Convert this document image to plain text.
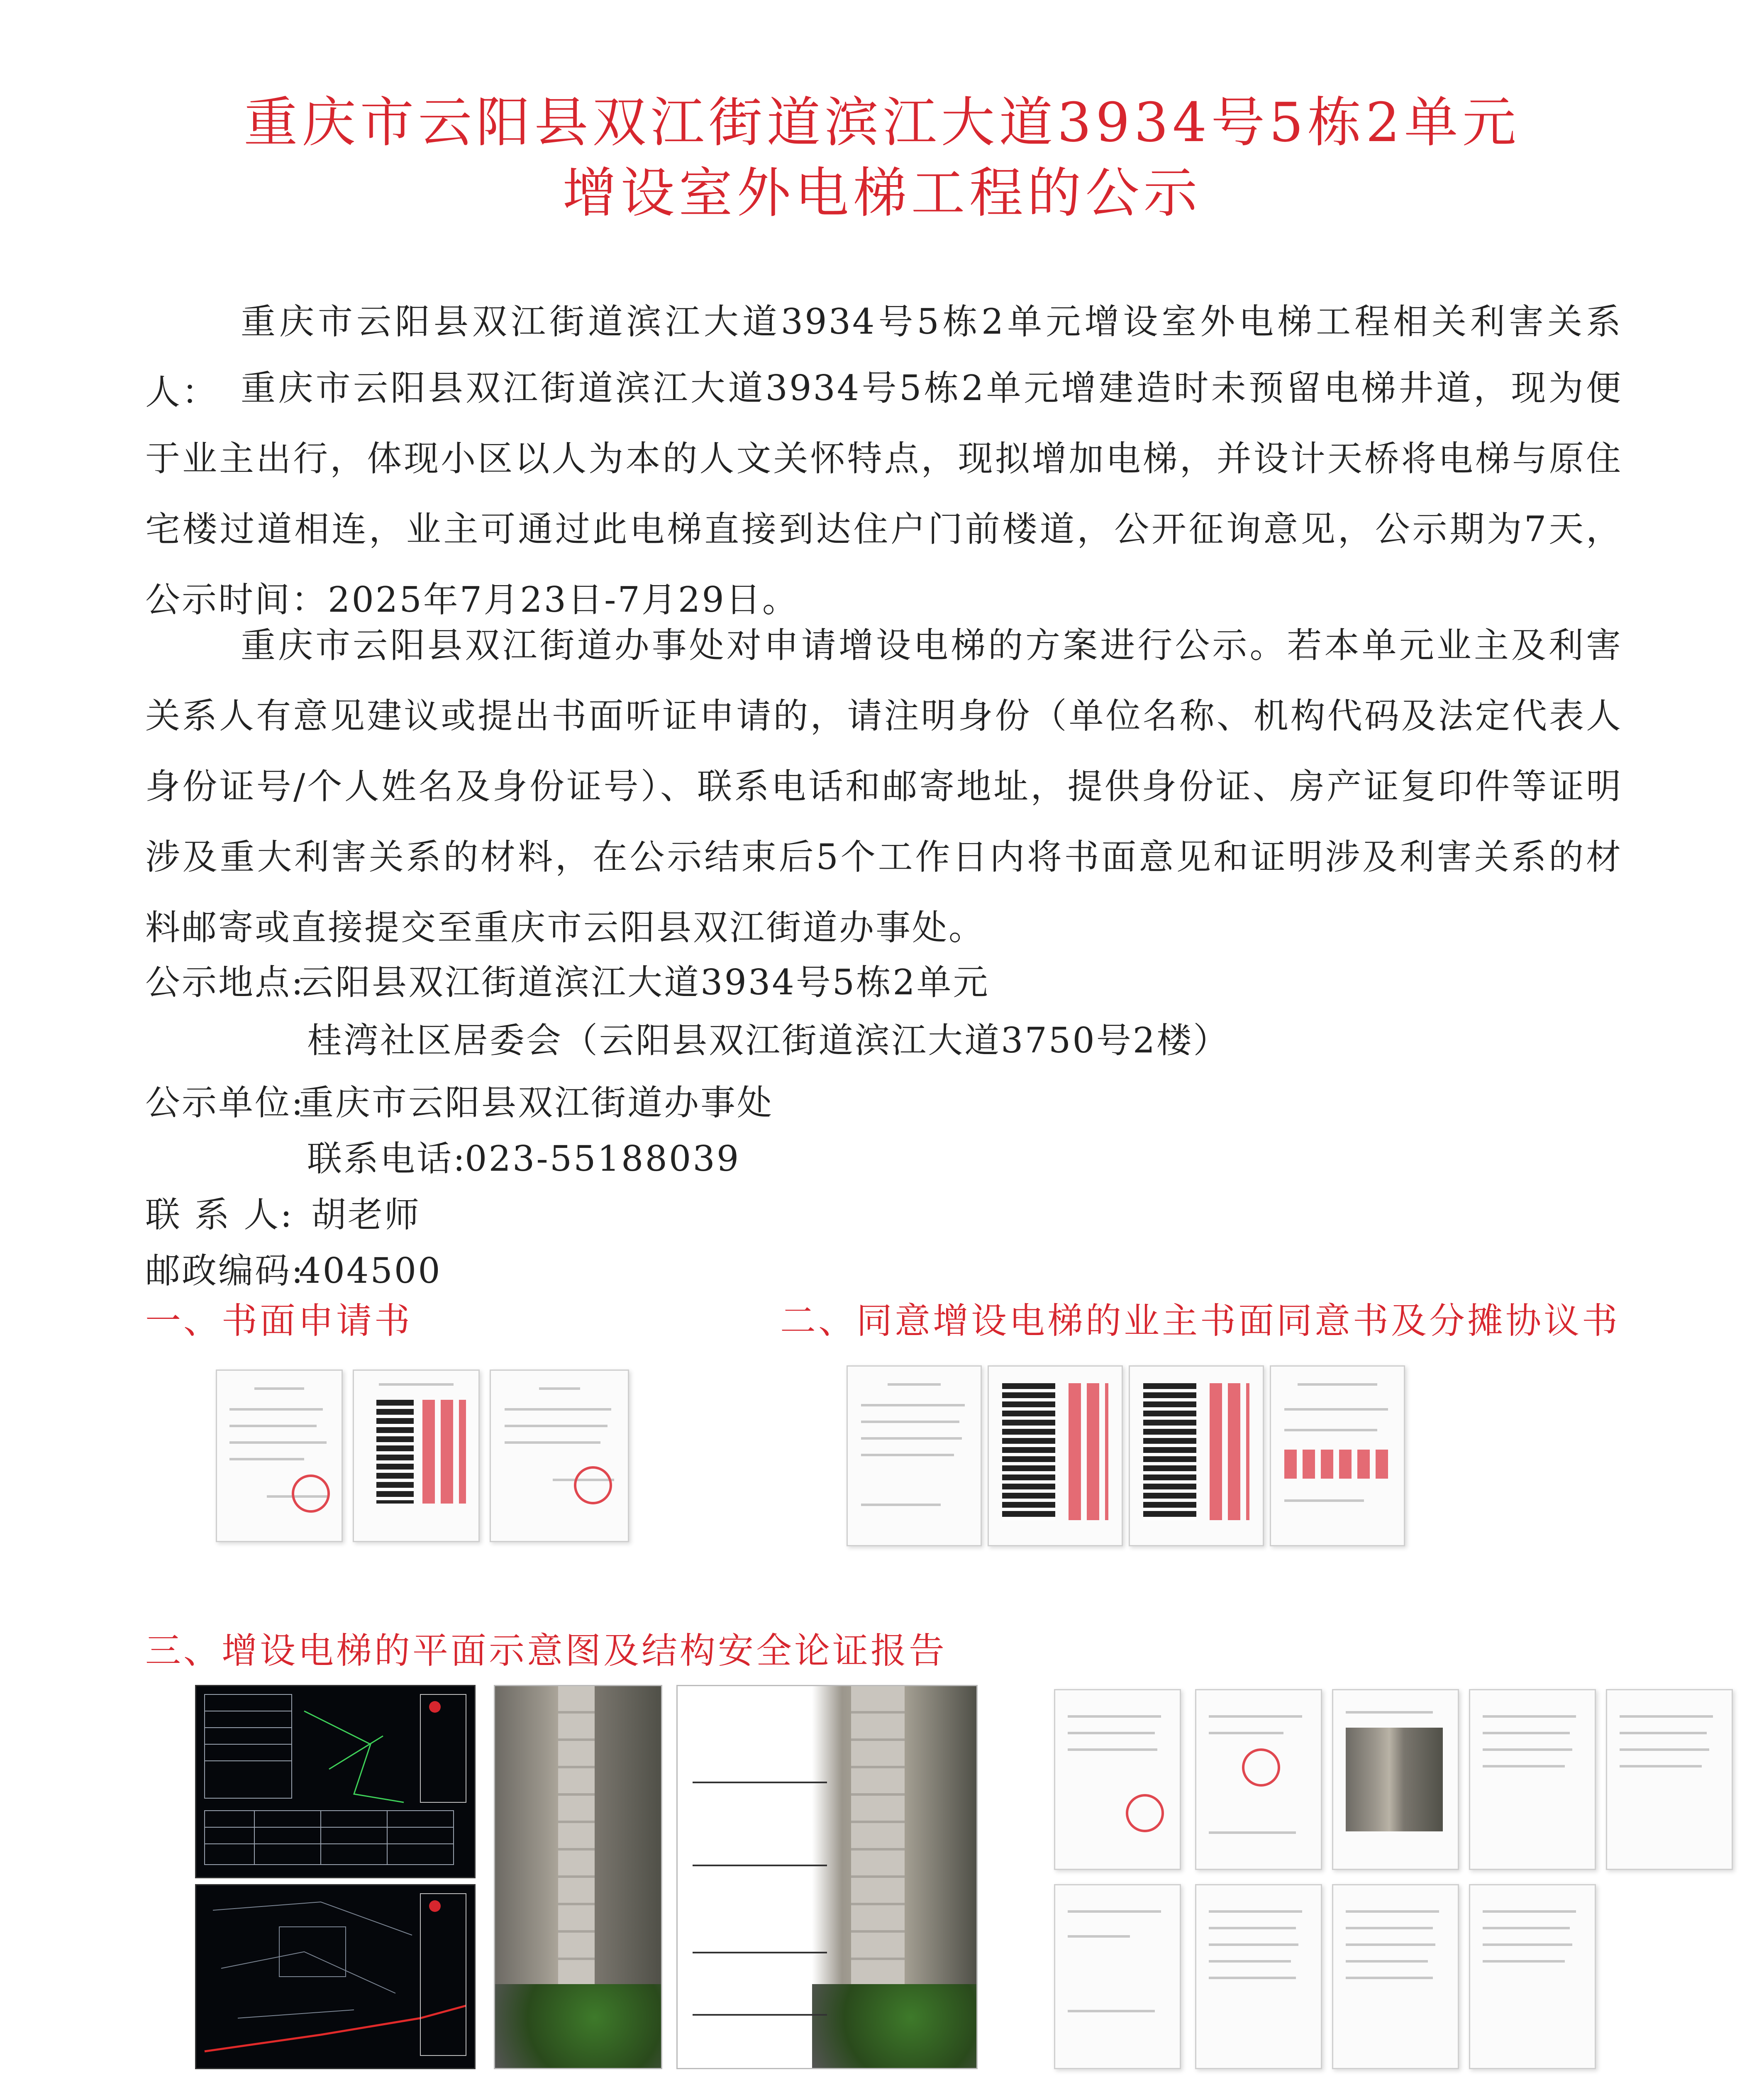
重庆市云阳县双江街道滨江大道3934号5栋2单元
增设室外电梯工程的公示

重庆市云阳县双江街道滨江大道3934号5栋2单元增设室外电梯工程相关利害关系人： 重庆市云阳县双江街道滨江大道3934号5栋2单元增建造时未预留电梯井道，现为便于业主出行，体现小区以人为本的人文关怀特点，现拟增加电梯，并设计天桥将电梯与原住宅楼过道相连，业主可通过此电梯直接到达住户门前楼道，公开征询意见，公示期为7天，公示时间：2025年7月23日-7月29日。

重庆市云阳县双江街道办事处对申请增设电梯的方案进行公示。若本单元业主及利害关系人有意见建议或提出书面听证申请的，请注明身份（单位名称、机构代码及法定代表人身份证号/个人姓名及身份证号）、联系电话和邮寄地址，提供身份证、房产证复印件等证明涉及重大利害关系的材料，在公示结束后5个工作日内将书面意见和证明涉及利害关系的材料邮寄或直接提交至重庆市云阳县双江街道办事处。

公示地点:
云阳县双江街道滨江大道3934号5栋2单元
桂湾社区居委会（云阳县双江街道滨江大道3750号2楼）
公示单位:
重庆市云阳县双江街道办事处
联系电话:
023-55188039
联 系 人: 胡老师
邮政编码:
404500
一、书面申请书	二、同意增设电梯的业主书面同意书及分摊协议书
三、增设电梯的平面示意图及结构安全论证报告
